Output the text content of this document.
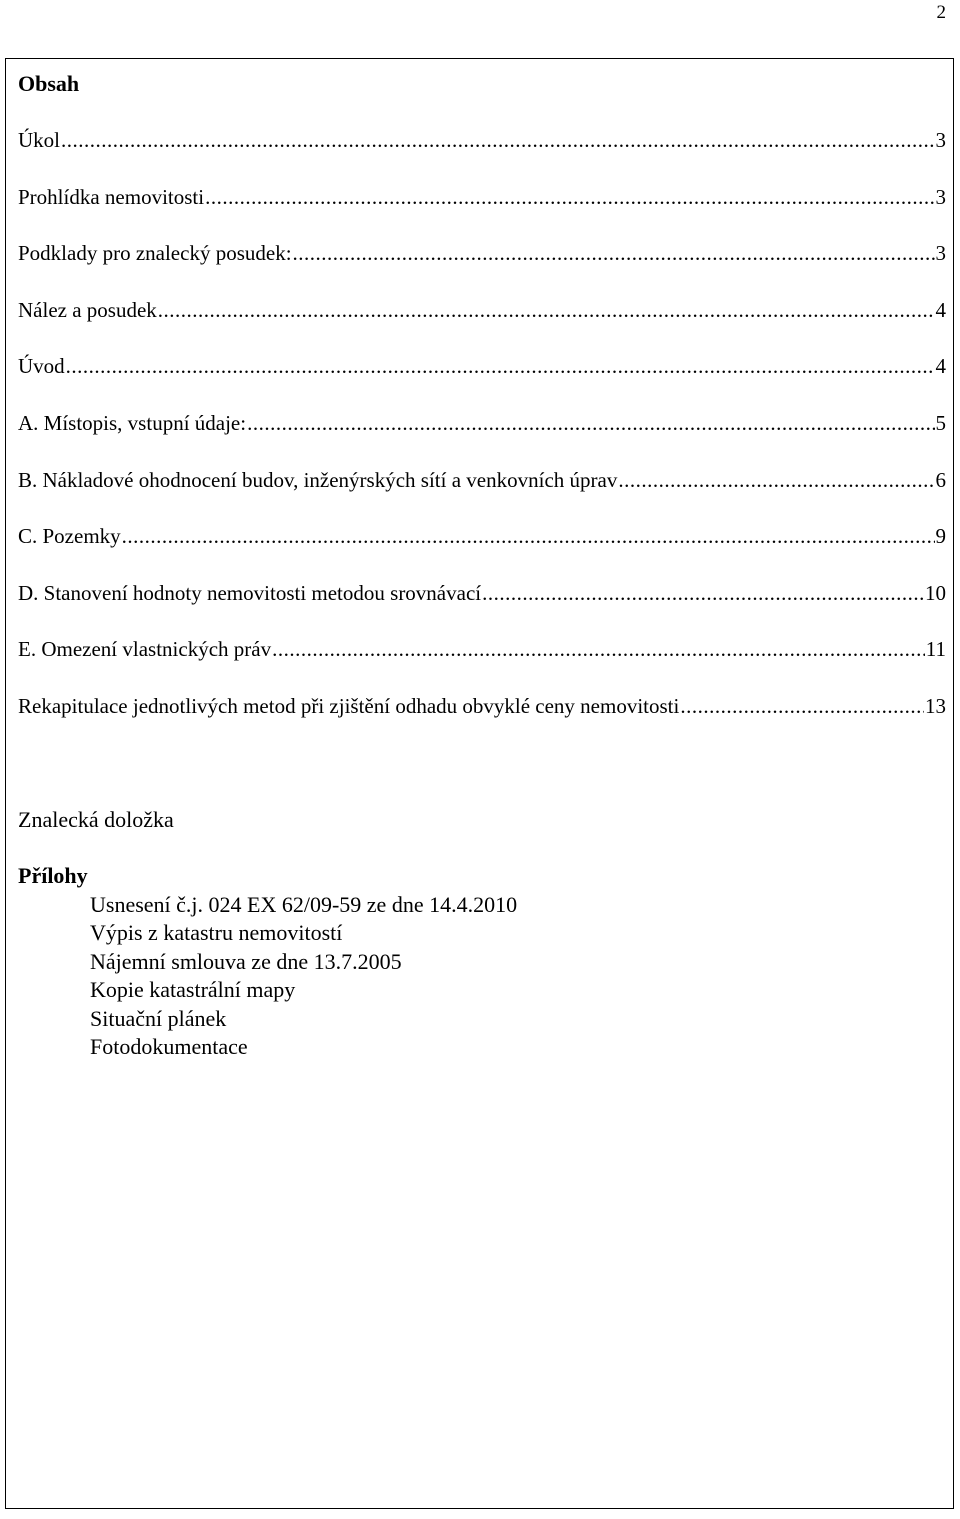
2
Obsah
Úkol .....	3
Prohlídka nemovitosti .....	3
Podklady pro znalecký posudek: .....	3
Nález a posudek .....	4
Úvod .....	4
A. Místopis, vstupní údaje: .....	5
B. Nákladové ohodnocení budov, inženýrských sítí a venkovních úprav .....	6
C. Pozemky .....	9
D. Stanovení hodnoty nemovitosti metodou srovnávací .....	10
E. Omezení vlastnických práv .....	11
Rekapitulace jednotlivých metod při zjištění odhadu obvyklé ceny nemovitosti .....	13
Znalecká doložka
Přílohy
Usnesení č.j. 024 EX 62/09-59 ze dne 14.4.2010
Výpis z katastru nemovitostí
Nájemní smlouva ze dne 13.7.2005
Kopie katastrální mapy
Situační plánek
Fotodokumentace
